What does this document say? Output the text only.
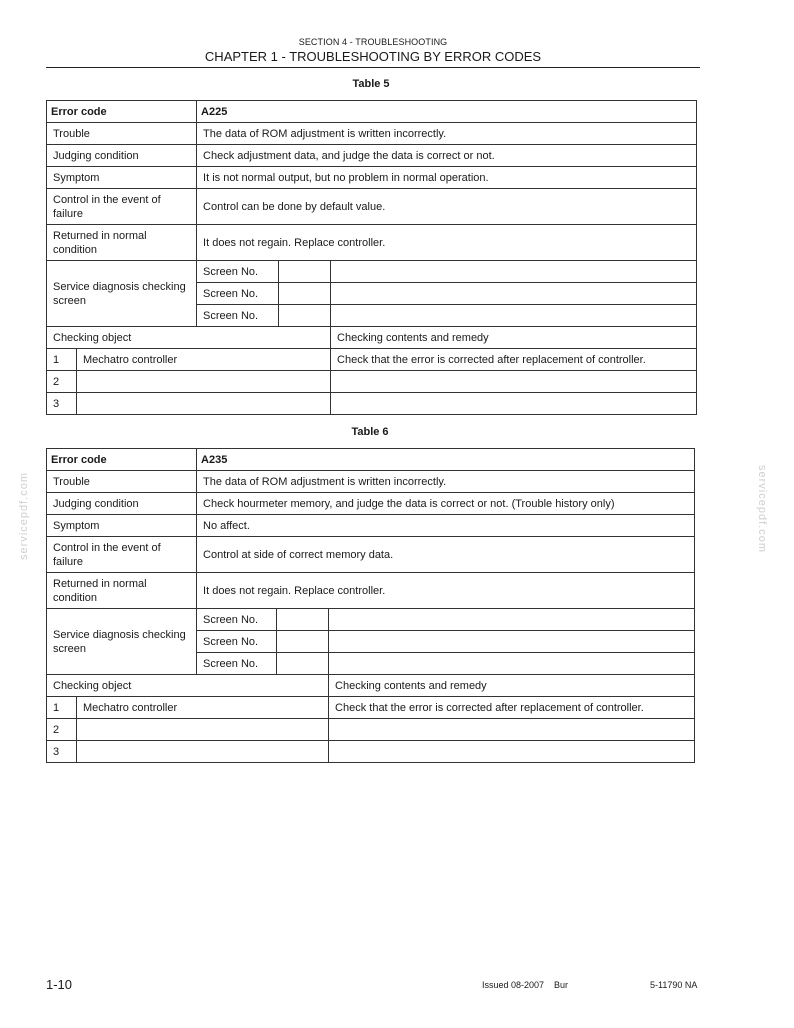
SECTION 4 - TROUBLESHOOTING
CHAPTER 1 - TROUBLESHOOTING BY ERROR CODES
Table 5
Error code		A225		
Trouble		The data of ROM adjustment is written incorrectly.		
Judging condition		Check adjustment data, and judge the data is correct or not.		
Symptom		It is not normal output, but no problem in normal operation.		
Control in the event of failure		Control can be done by default value.		
Returned in normal condition		It does not regain. Replace controller.		
Service diagnosis checking screen		Screen No.		
		Screen No.		
		Screen No.		
Checking object				Checking contents and remedy
1	Mechatro controller			Check that the error is corrected after replacement of controller.
2				
3				
Table 6
Error code		A235		
Trouble		The data of ROM adjustment is written incorrectly.		
Judging condition		Check hourmeter memory, and judge the data is correct or not. (Trouble history only)		
Symptom		No affect.		
Control in the event of failure		Control at side of correct memory data.		
Returned in normal condition		It does not regain. Replace controller.		
Service diagnosis checking screen		Screen No.		
		Screen No.		
		Screen No.		
Checking object				Checking contents and remedy
1	Mechatro controller			Check that the error is corrected after replacement of controller.
2				
3				
servicepdf.com	servicepdf.com
1-10	Issued 08-2007    Bur	5-11790 NA
